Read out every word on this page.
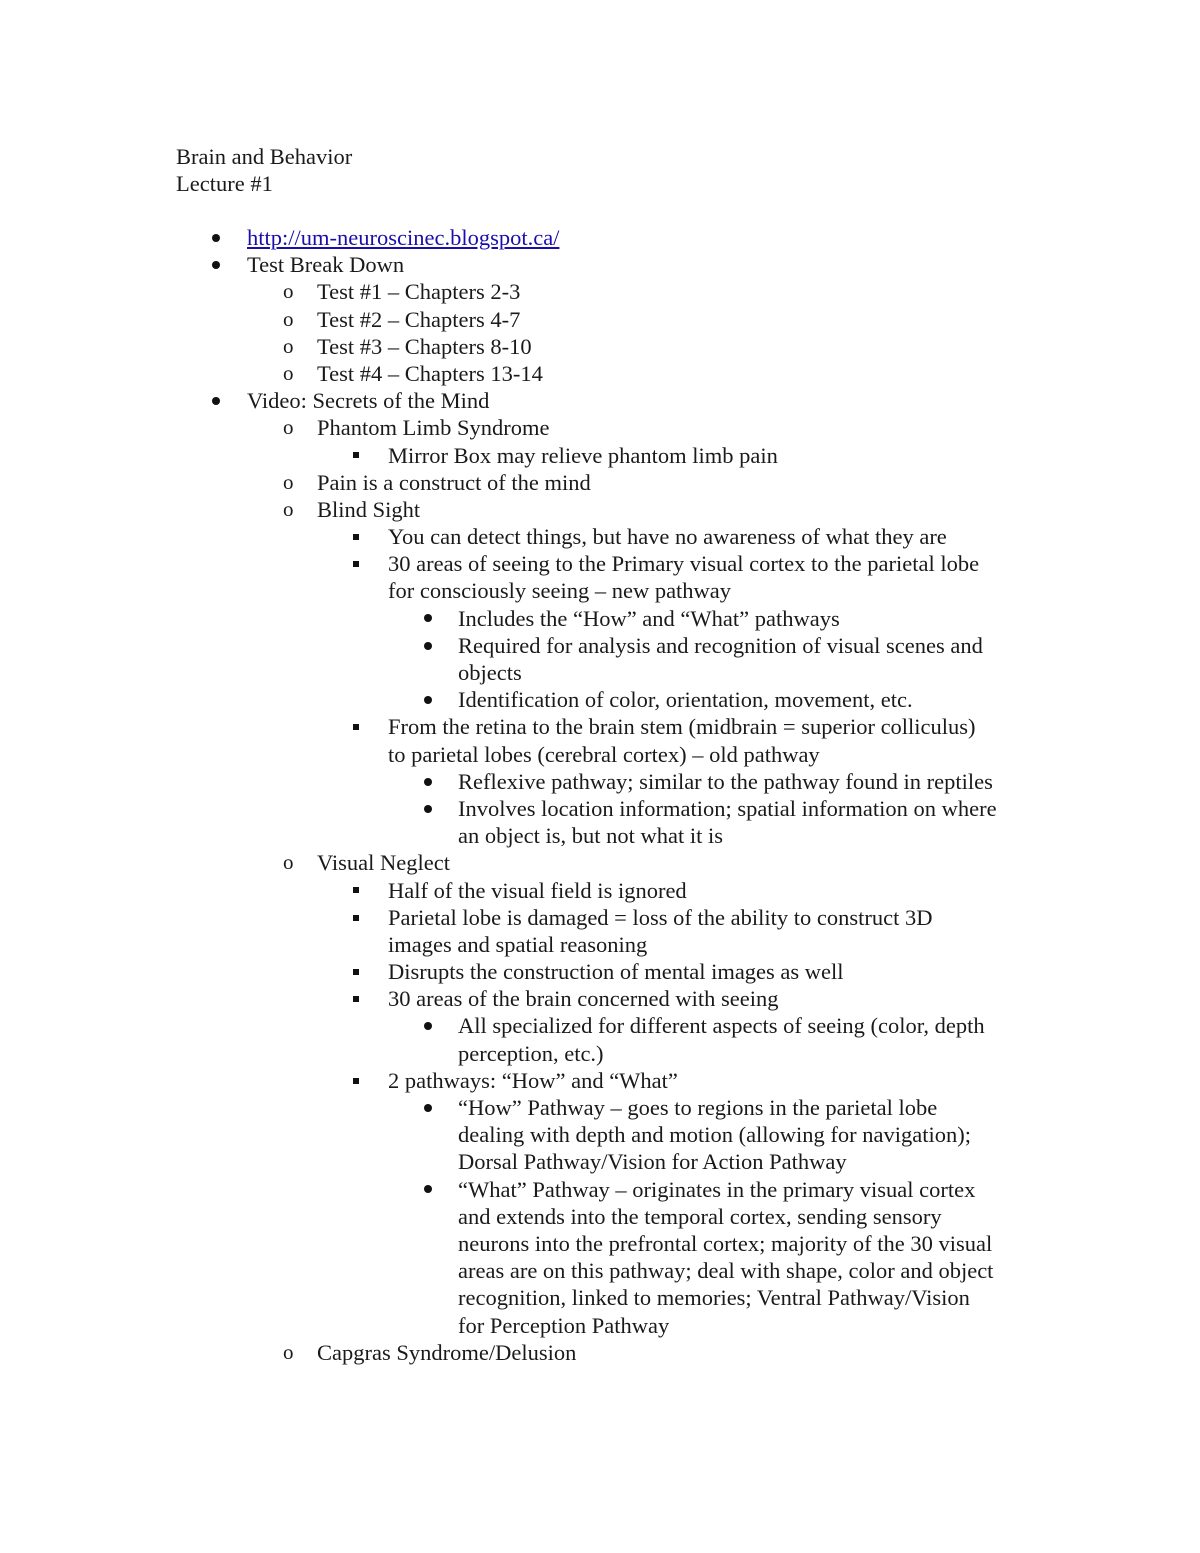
Brain and Behavior
Lecture #1
http://um-neuroscinec.blogspot.ca/
Test Break Down
o	Test #1 – Chapters 2-3
o	Test #2 – Chapters 4-7
o	Test #3 – Chapters 8-10
o	Test #4 – Chapters 13-14
Video: Secrets of the Mind
o	Phantom Limb Syndrome
Mirror Box may relieve phantom limb pain
o	Pain is a construct of the mind
o	Blind Sight
You can detect things, but have no awareness of what they are
30 areas of seeing to the Primary visual cortex to the parietal lobe
for consciously seeing – new pathway
Includes the “How” and “What” pathways
Required for analysis and recognition of visual scenes and
objects
Identification of color, orientation, movement, etc.
From the retina to the brain stem (midbrain = superior colliculus)
to parietal lobes (cerebral cortex) – old pathway
Reflexive pathway; similar to the pathway found in reptiles
Involves location information; spatial information on where
an object is, but not what it is
o	Visual Neglect
Half of the visual field is ignored
Parietal lobe is damaged = loss of the ability to construct 3D
images and spatial reasoning
Disrupts the construction of mental images as well
30 areas of the brain concerned with seeing
All specialized for different aspects of seeing (color, depth
perception, etc.)
2 pathways: “How” and “What”
“How” Pathway – goes to regions in the parietal lobe
dealing with depth and motion (allowing for navigation);
Dorsal Pathway/Vision for Action Pathway
“What” Pathway – originates in the primary visual cortex
and extends into the temporal cortex, sending sensory
neurons into the prefrontal cortex; majority of the 30 visual
areas are on this pathway; deal with shape, color and object
recognition, linked to memories; Ventral Pathway/Vision
for Perception Pathway
o	Capgras Syndrome/Delusion
